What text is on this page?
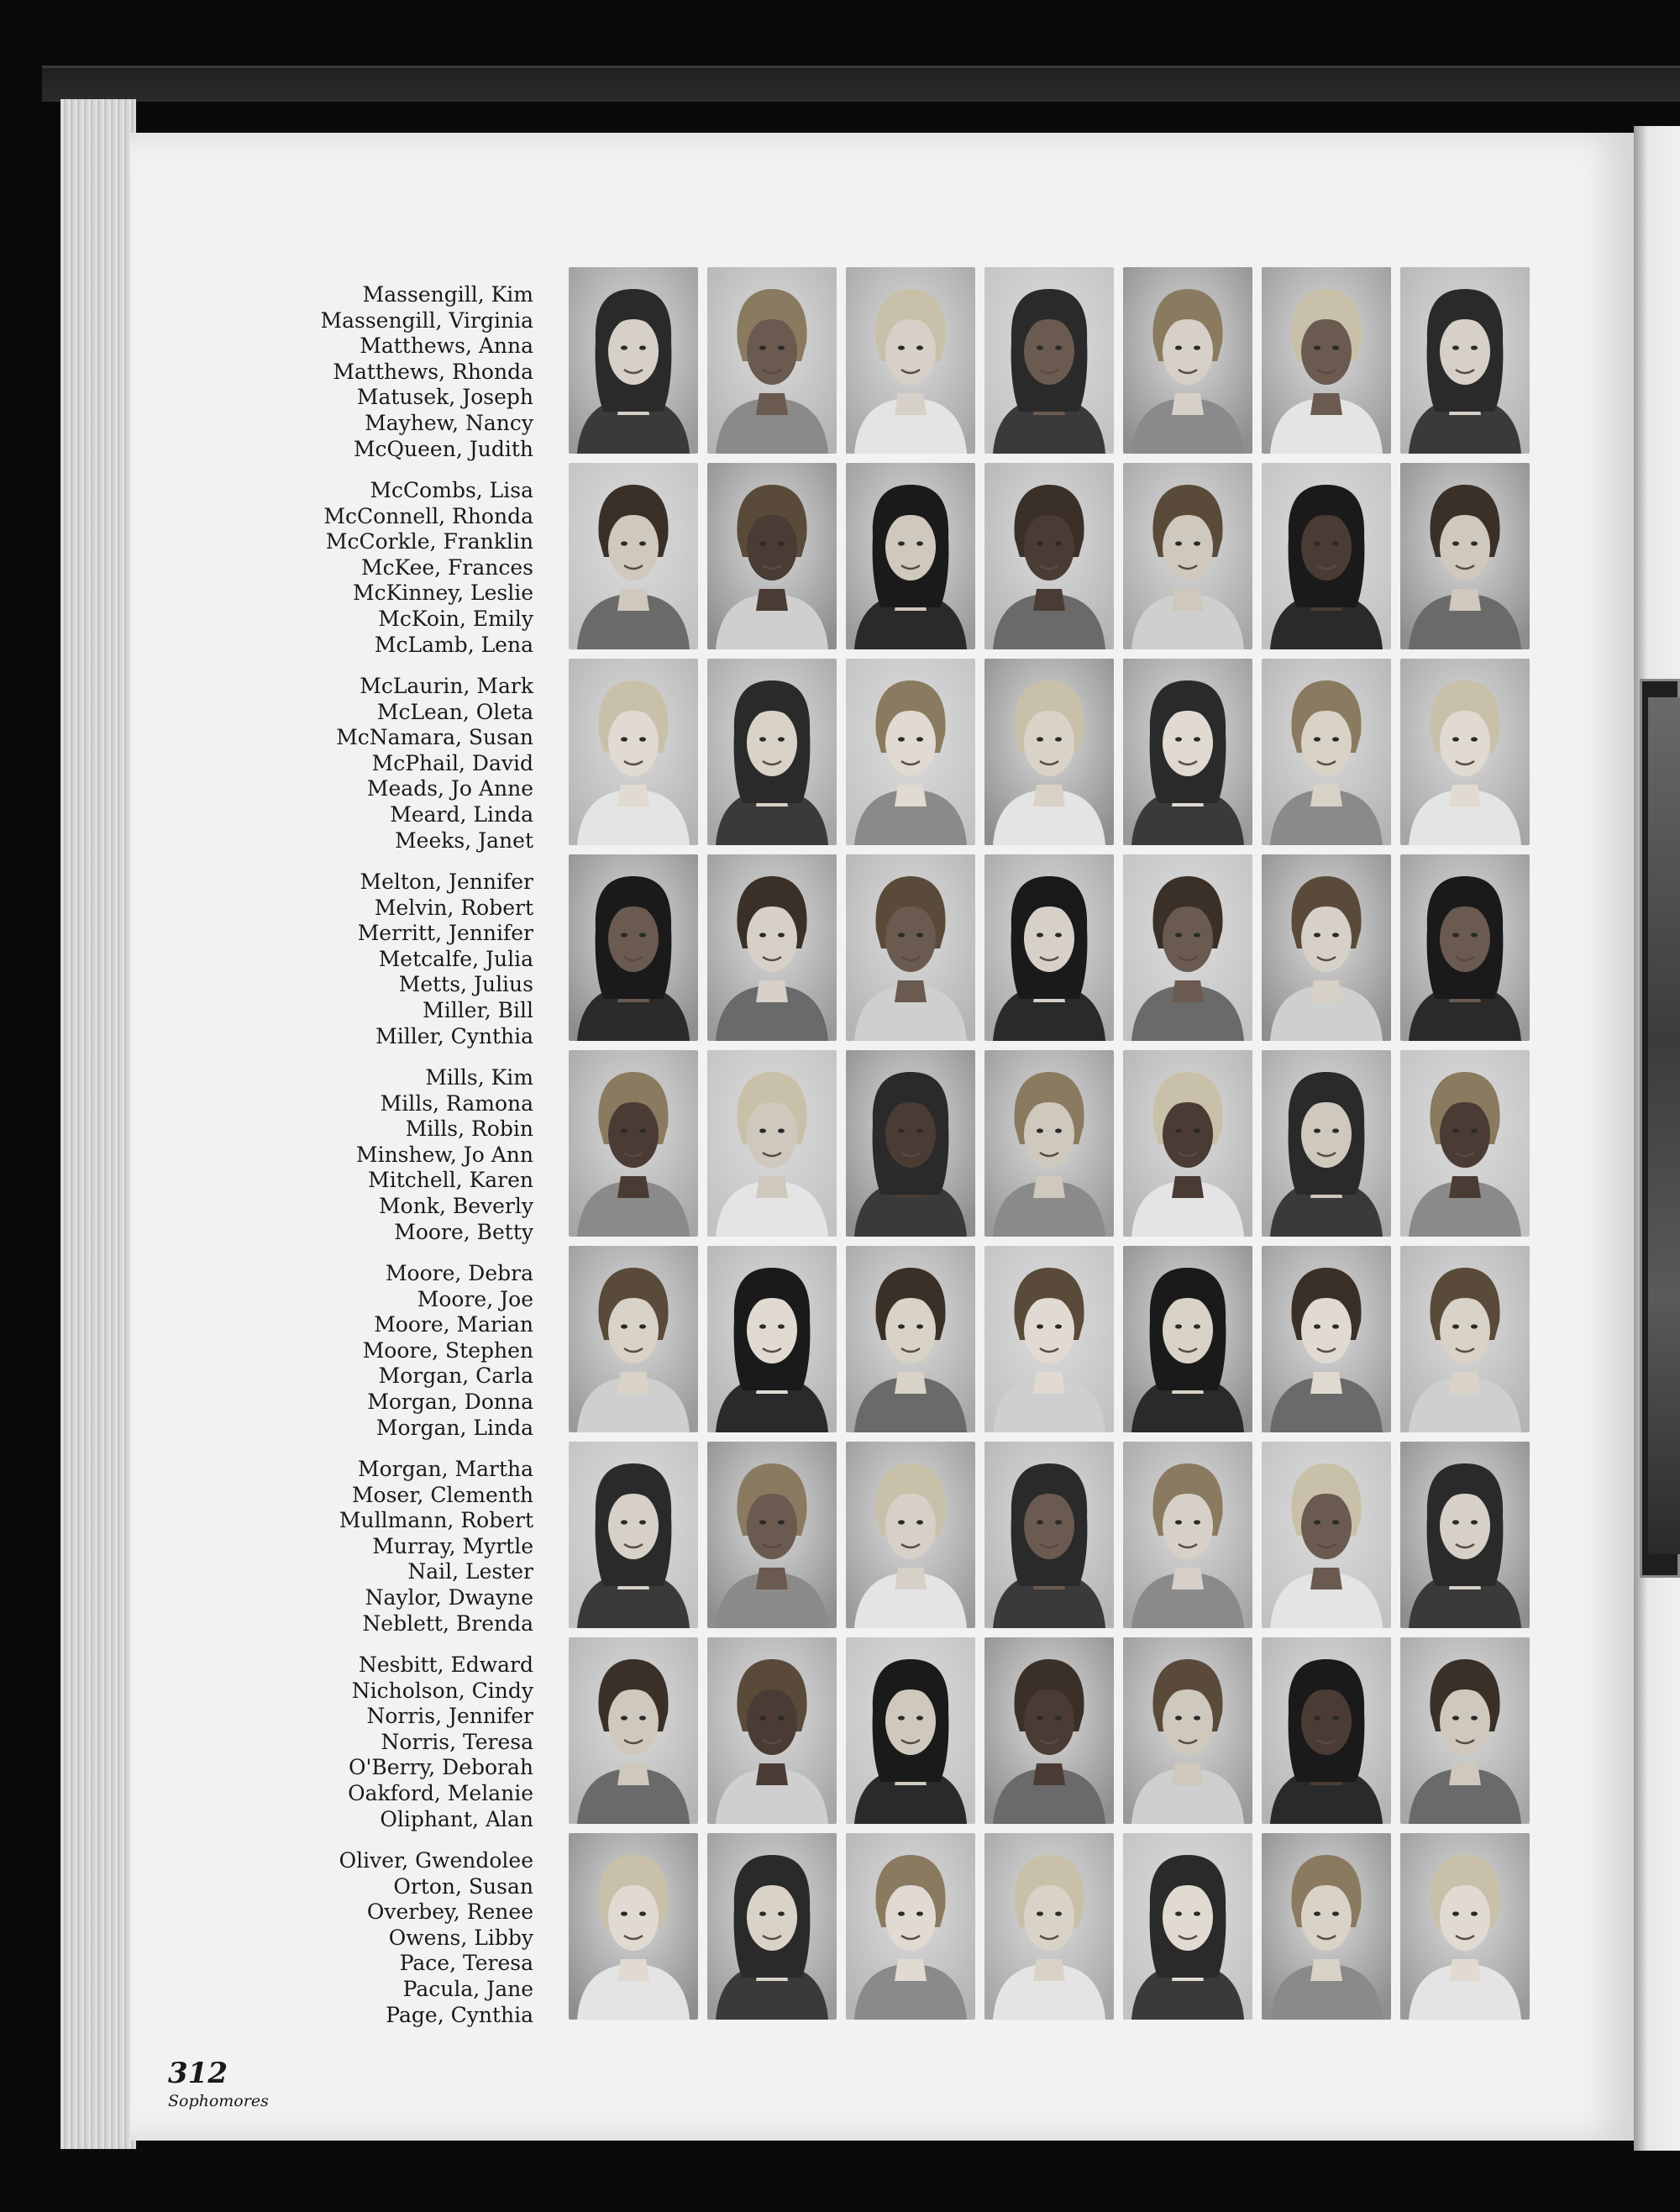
Massengill, Kim
Massengill, Virginia
Matthews, Anna
Matthews, Rhonda
Matusek, Joseph
Mayhew, Nancy
McQueen, Judith
McCombs, Lisa
McConnell, Rhonda
McCorkle, Franklin
McKee, Frances
McKinney, Leslie
McKoin, Emily
McLamb, Lena
McLaurin, Mark
McLean, Oleta
McNamara, Susan
McPhail, David
Meads, Jo Anne
Meard, Linda
Meeks, Janet
Melton, Jennifer
Melvin, Robert
Merritt, Jennifer
Metcalfe, Julia
Metts, Julius
Miller, Bill
Miller, Cynthia
Mills, Kim
Mills, Ramona
Mills, Robin
Minshew, Jo Ann
Mitchell, Karen
Monk, Beverly
Moore, Betty
Moore, Debra
Moore, Joe
Moore, Marian
Moore, Stephen
Morgan, Carla
Morgan, Donna
Morgan, Linda
Morgan, Martha
Moser, Clementh
Mullmann, Robert
Murray, Myrtle
Nail, Lester
Naylor, Dwayne
Neblett, Brenda
Nesbitt, Edward
Nicholson, Cindy
Norris, Jennifer
Norris, Teresa
O'Berry, Deborah
Oakford, Melanie
Oliphant, Alan
Oliver, Gwendolee
Orton, Susan
Overbey, Renee
Owens, Libby
Pace, Teresa
Pacula, Jane
Page, Cynthia
312
Sophomores
